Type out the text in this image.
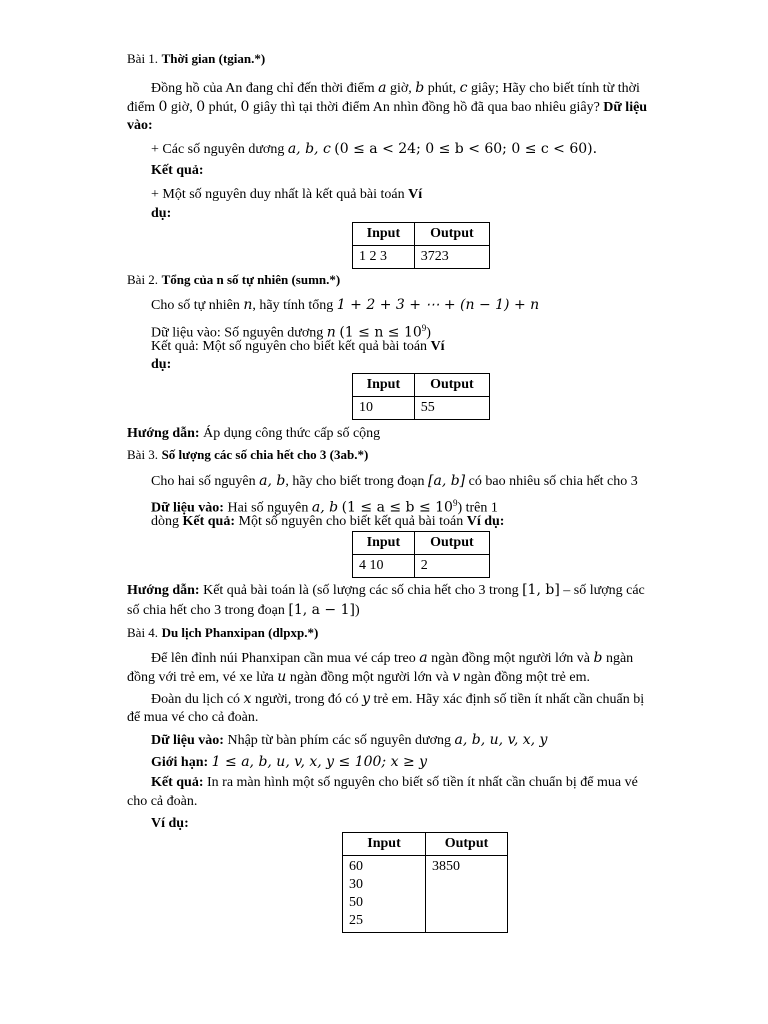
Bài 1. Thời gian (tgian.*)
Đồng hồ của An đang chỉ đến thời điểm a giờ, b phút, c giây; Hãy cho biết tính từ thời
điểm 0 giờ, 0 phút, 0 giây thì tại thời điểm An nhìn đồng hồ đã qua bao nhiêu giây? Dữ liệu
vào:
+ Các số nguyên dương a, b, c (0 ≤ a < 24; 0 ≤ b < 60; 0 ≤ c < 60).
Kết quả:
+ Một số nguyên duy nhất là kết quả bài toán Ví
dụ:
Input	Output
1 2 3	3723
Bài 2. Tổng của n số tự nhiên (sumn.*)
Cho số tự nhiên n, hãy tính tổng 1 + 2 + 3 + ⋯ + (n − 1) + n
Dữ liệu vào: Số nguyên dương n $(1 \le n \le 10^9)$
Kết quả: Một số nguyên cho biết kết quả bài toán Ví
dụ:
Input	Output
10	55
Hướng dẫn: Áp dụng công thức cấp số cộng
Bài 3. Số lượng các số chia hết cho 3 (3ab.*)
Cho hai số nguyên a, b, hãy cho biết trong đoạn [a, b] có bao nhiêu số chia hết cho 3
Dữ liệu vào: Hai số nguyên a, b $(1 \le a \le b \le 10^9)$ trên 1
dòng Kết quả: Một số nguyên cho biết kết quả bài toán Ví dụ:
Input	Output
4 10	2
Hướng dẫn: Kết quả bài toán là (số lượng các số chia hết cho 3 trong [1, b] – số lượng các
số chia hết cho 3 trong đoạn [1, a − 1])
Bài 4. Du lịch Phanxipan (dlpxp.*)
Để lên đỉnh núi Phanxipan cần mua vé cáp treo a ngàn đồng một người lớn và b ngàn
đồng với trẻ em, vé xe lửa u ngàn đồng một người lớn và v ngàn đồng một trẻ em.
Đoàn du lịch có x người, trong đó có y trẻ em. Hãy xác định số tiền ít nhất cần chuẩn bị
để mua vé cho cả đoàn.
Dữ liệu vào: Nhập từ bàn phím các số nguyên dương a, b, u, v, x, y
Giới hạn: 1 ≤ a, b, u, v, x, y ≤ 100; x ≥ y
Kết quả: In ra màn hình một số nguyên cho biết số tiền ít nhất cần chuẩn bị để mua vé
cho cả đoàn.
Ví dụ:
Input	Output

60
30
50
25	3850
